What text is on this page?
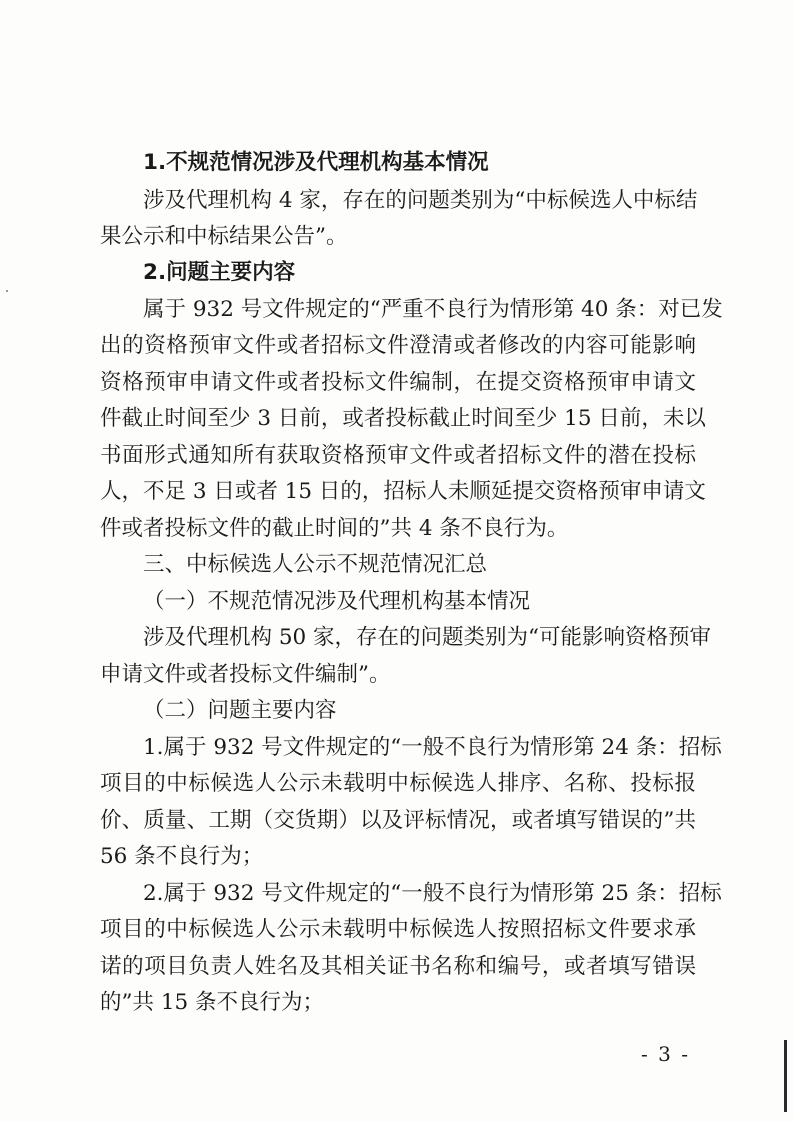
1.不规范情况涉及代理机构基本情况
涉及代理机构 4 家，存在的问题类别为“中标候选人中标结
果公示和中标结果公告”。
2.问题主要内容
属于 932 号文件规定的“严重不良行为情形第 40 条：对已发
出的资格预审文件或者招标文件澄清或者修改的内容可能影响
资格预审申请文件或者投标文件编制，在提交资格预审申请文
件截止时间至少 3 日前，或者投标截止时间至少 15 日前，未以
书面形式通知所有获取资格预审文件或者招标文件的潜在投标
人，不足 3 日或者 15 日的，招标人未顺延提交资格预审申请文
件或者投标文件的截止时间的”共 4 条不良行为。
三、中标候选人公示不规范情况汇总
（一）不规范情况涉及代理机构基本情况
涉及代理机构 50 家，存在的问题类别为“可能影响资格预审
申请文件或者投标文件编制”。
（二）问题主要内容
1.属于 932 号文件规定的“一般不良行为情形第 24 条：招标
项目的中标候选人公示未载明中标候选人排序、名称、投标报
价、质量、工期（交货期）以及评标情况，或者填写错误的”共
56 条不良行为；
2.属于 932 号文件规定的“一般不良行为情形第 25 条：招标
项目的中标候选人公示未载明中标候选人按照招标文件要求承
诺的项目负责人姓名及其相关证书名称和编号，或者填写错误
的”共 15 条不良行为；
- 3 -
